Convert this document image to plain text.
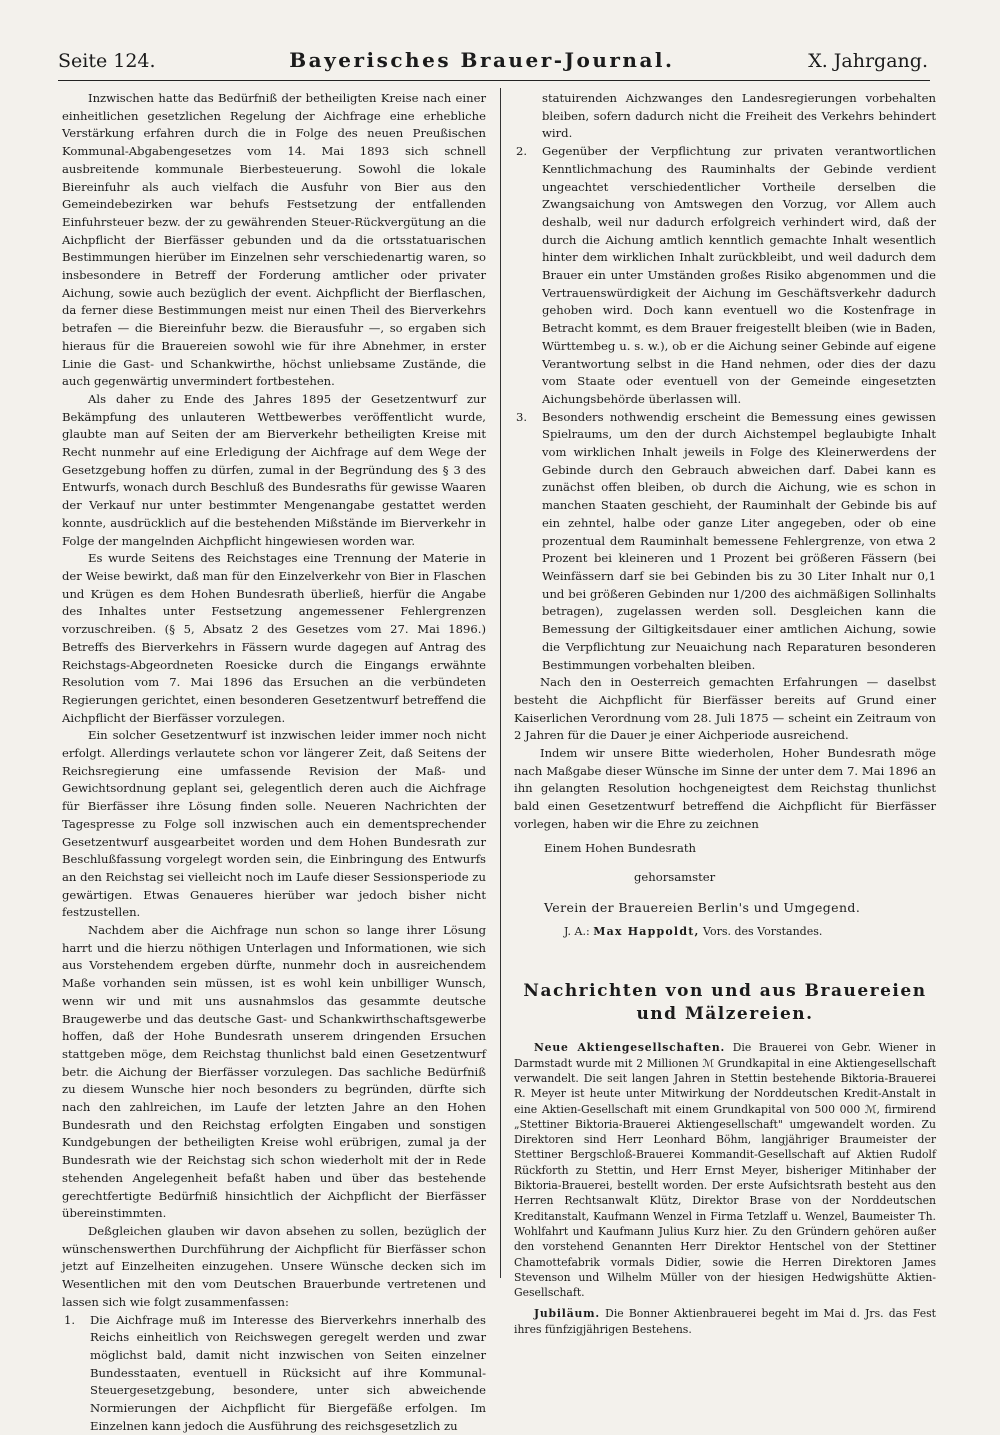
Seite 124.	Bayerisches Brauer-Journal.	X. Jahrgang.

Inzwischen hatte das Bedürfniß der betheiligten Kreise nach einer einheitlichen gesetzlichen Regelung der Aichfrage eine erhebliche Verstärkung erfahren durch die in Folge des neuen Preußischen Kommunal-Abgabengesetzes vom 14. Mai 1893 sich schnell ausbreitende kommunale Bierbesteuerung. Sowohl die lokale Biereinfuhr als auch vielfach die Ausfuhr von Bier aus den Gemeindebezirken war behufs Festsetzung der entfallenden Einfuhrsteuer bezw. der zu gewährenden Steuer-Rückvergütung an die Aichpflicht der Bierfässer gebunden und da die ortsstatuarischen Bestimmungen hierüber im Einzelnen sehr verschiedenartig waren, so insbesondere in Betreff der Forderung amtlicher oder privater Aichung, sowie auch bezüglich der event. Aichpflicht der Bierflaschen, da ferner diese Bestimmungen meist nur einen Theil des Bierverkehrs betrafen — die Biereinfuhr bezw. die Bierausfuhr —, so ergaben sich hieraus für die Brauereien sowohl wie für ihre Abnehmer, in erster Linie die Gast- und Schankwirthe, höchst unliebsame Zustände, die auch gegenwärtig unvermindert fortbestehen.

Als daher zu Ende des Jahres 1895 der Gesetzentwurf zur Bekämpfung des unlauteren Wettbewerbes veröffentlicht wurde, glaubte man auf Seiten der am Bierverkehr betheiligten Kreise mit Recht nunmehr auf eine Erledigung der Aichfrage auf dem Wege der Gesetzgebung hoffen zu dürfen, zumal in der Begründung des § 3 des Entwurfs, wonach durch Beschluß des Bundesraths für gewisse Waaren der Verkauf nur unter bestimmter Mengenangabe gestattet werden konnte, ausdrücklich auf die bestehenden Mißstände im Bierverkehr in Folge der mangelnden Aichpflicht hingewiesen worden war.

Es wurde Seitens des Reichstages eine Trennung der Materie in der Weise bewirkt, daß man für den Einzelverkehr von Bier in Flaschen und Krügen es dem Hohen Bundesrath überließ, hierfür die Angabe des Inhaltes unter Festsetzung angemessener Fehlergrenzen vorzuschreiben. (§ 5, Absatz 2 des Gesetzes vom 27. Mai 1896.) Betreffs des Bierverkehrs in Fässern wurde dagegen auf Antrag des Reichstags-Abgeordneten Roesicke durch die Eingangs erwähnte Resolution vom 7. Mai 1896 das Ersuchen an die verbündeten Regierungen gerichtet, einen besonderen Gesetzentwurf betreffend die Aichpflicht der Bierfässer vorzulegen.

Ein solcher Gesetzentwurf ist inzwischen leider immer noch nicht erfolgt. Allerdings verlautete schon vor längerer Zeit, daß Seitens der Reichsregierung eine umfassende Revision der Maß- und Gewichtsordnung geplant sei, gelegentlich deren auch die Aichfrage für Bierfässer ihre Lösung finden solle. Neueren Nachrichten der Tagespresse zu Folge soll inzwischen auch ein dementsprechender Gesetzentwurf ausgearbeitet worden und dem Hohen Bundesrath zur Beschlußfassung vorgelegt worden sein, die Einbringung des Entwurfs an den Reichstag sei vielleicht noch im Laufe dieser Sessionsperiode zu gewärtigen. Etwas Genaueres hierüber war jedoch bisher nicht festzustellen.

Nachdem aber die Aichfrage nun schon so lange ihrer Lösung harrt und die hierzu nöthigen Unterlagen und Informationen, wie sich aus Vorstehendem ergeben dürfte, nunmehr doch in ausreichendem Maße vorhanden sein müssen, ist es wohl kein unbilliger Wunsch, wenn wir und mit uns ausnahmslos das gesammte deutsche Braugewerbe und das deutsche Gast- und Schankwirthschaftsgewerbe hoffen, daß der Hohe Bundesrath unserem dringenden Ersuchen stattgeben möge, dem Reichstag thunlichst bald einen Gesetzentwurf betr. die Aichung der Bierfässer vorzulegen. Das sachliche Bedürfniß zu diesem Wunsche hier noch besonders zu begründen, dürfte sich nach den zahlreichen, im Laufe der letzten Jahre an den Hohen Bundesrath und den Reichstag erfolgten Eingaben und sonstigen Kundgebungen der betheiligten Kreise wohl erübrigen, zumal ja der Bundesrath wie der Reichstag sich schon wiederholt mit der in Rede stehenden Angelegenheit befaßt haben und über das bestehende gerechtfertigte Bedürfniß hinsichtlich der Aichpflicht der Bierfässer übereinstimmten.

Deßgleichen glauben wir davon absehen zu sollen, bezüglich der wünschenswerthen Durchführung der Aichpflicht für Bierfässer schon jetzt auf Einzelheiten einzugehen. Unsere Wünsche decken sich im Wesentlichen mit den vom Deutschen Brauerbunde vertretenen und lassen sich wie folgt zusammenfassen:

1.	Die Aichfrage muß im Interesse des Bierverkehrs innerhalb des Reichs einheitlich von Reichswegen geregelt werden und zwar möglichst bald, damit nicht inzwischen von Seiten einzelner Bundesstaaten, eventuell in Rücksicht auf ihre Kommunal-Steuergesetzgebung, besondere, unter sich abweichende Normierungen der Aichpflicht für Biergefäße erfolgen. Im Einzelnen kann jedoch die Ausführung des reichsgesetzlich zu

statuirenden Aichzwanges den Landesregierungen vorbehalten bleiben, sofern dadurch nicht die Freiheit des Verkehrs behindert wird.

2.	Gegenüber der Verpflichtung zur privaten verantwortlichen Kenntlichmachung des Rauminhalts der Gebinde verdient ungeachtet verschiedentlicher Vortheile derselben die Zwangsaichung von Amtswegen den Vorzug, vor Allem auch deshalb, weil nur dadurch erfolgreich verhindert wird, daß der durch die Aichung amtlich kenntlich gemachte Inhalt wesentlich hinter dem wirklichen Inhalt zurückbleibt, und weil dadurch dem Brauer ein unter Umständen großes Risiko abgenommen und die Vertrauenswürdigkeit der Aichung im Geschäftsverkehr dadurch gehoben wird. Doch kann eventuell wo die Kostenfrage in Betracht kommt, es dem Brauer freigestellt bleiben (wie in Baden, Württembeg u. s. w.), ob er die Aichung seiner Gebinde auf eigene Verantwortung selbst in die Hand nehmen, oder dies der dazu vom Staate oder eventuell von der Gemeinde eingesetzten Aichungsbehörde überlassen will.
3.	Besonders nothwendig erscheint die Bemessung eines gewissen Spielraums, um den der durch Aichstempel beglaubigte Inhalt vom wirklichen Inhalt jeweils in Folge des Kleinerwerdens der Gebinde durch den Gebrauch abweichen darf. Dabei kann es zunächst offen bleiben, ob durch die Aichung, wie es schon in manchen Staaten geschieht, der Rauminhalt der Gebinde bis auf ein zehntel, halbe oder ganze Liter angegeben, oder ob eine prozentual dem Rauminhalt bemessene Fehlergrenze, von etwa 2 Prozent bei kleineren und 1 Prozent bei größeren Fässern (bei Weinfässern darf sie bei Gebinden bis zu 30 Liter Inhalt nur 0,1 und bei größeren Gebinden nur 1/200 des aichmäßigen Sollinhalts betragen), zugelassen werden soll. Desgleichen kann die Bemessung der Giltigkeitsdauer einer amtlichen Aichung, sowie die Verpflichtung zur Neuaichung nach Reparaturen besonderen Bestimmungen vorbehalten bleiben.

Nach den in Oesterreich gemachten Erfahrungen — daselbst besteht die Aichpflicht für Bierfässer bereits auf Grund einer Kaiserlichen Verordnung vom 28. Juli 1875 — scheint ein Zeitraum von 2 Jahren für die Dauer je einer Aichperiode ausreichend.

Indem wir unsere Bitte wiederholen, Hoher Bundesrath möge nach Maßgabe dieser Wünsche im Sinne der unter dem 7. Mai 1896 an ihn gelangten Resolution hochgeneigtest dem Reichstag thunlichst bald einen Gesetzentwurf betreffend die Aichpflicht für Bierfässer vorlegen, haben wir die Ehre zu zeichnen

Einem Hohen Bundesrath

gehorsamster

Verein der Brauereien Berlin's und Umgegend.

J. A.: Max Happoldt, Vors. des Vorstandes.

Nachrichten von und aus Brauereien
und Mälzereien.

Neue Aktiengesellschaften. Die Brauerei von Gebr. Wiener in Darmstadt wurde mit 2 Millionen ℳ Grundkapital in eine Aktiengesellschaft verwandelt. Die seit langen Jahren in Stettin bestehende Biktoria-Brauerei R. Meyer ist heute unter Mitwirkung der Norddeutschen Kredit-Anstalt in eine Aktien-Gesellschaft mit einem Grundkapital von 500 000 ℳ, firmirend „Stettiner Biktoria-Brauerei Aktiengesellschaft" umgewandelt worden. Zu Direktoren sind Herr Leonhard Böhm, langjähriger Braumeister der Stettiner Bergschloß-Brauerei Kommandit-Gesellschaft auf Aktien Rudolf Rückforth zu Stettin, und Herr Ernst Meyer, bisheriger Mitinhaber der Biktoria-Brauerei, bestellt worden. Der erste Aufsichtsrath besteht aus den Herren Rechtsanwalt Klütz, Direktor Brase von der Norddeutschen Kreditanstalt, Kaufmann Wenzel in Firma Tetzlaff u. Wenzel, Baumeister Th. Wohlfahrt und Kaufmann Julius Kurz hier. Zu den Gründern gehören außer den vorstehend Genannten Herr Direktor Hentschel von der Stettiner Chamottefabrik vormals Didier, sowie die Herren Direktoren James Stevenson und Wilhelm Müller von der hiesigen Hedwigshütte Aktien-Gesellschaft.

Jubiläum. Die Bonner Aktienbrauerei begeht im Mai d. Jrs. das Fest ihres fünfzigjährigen Bestehens.
